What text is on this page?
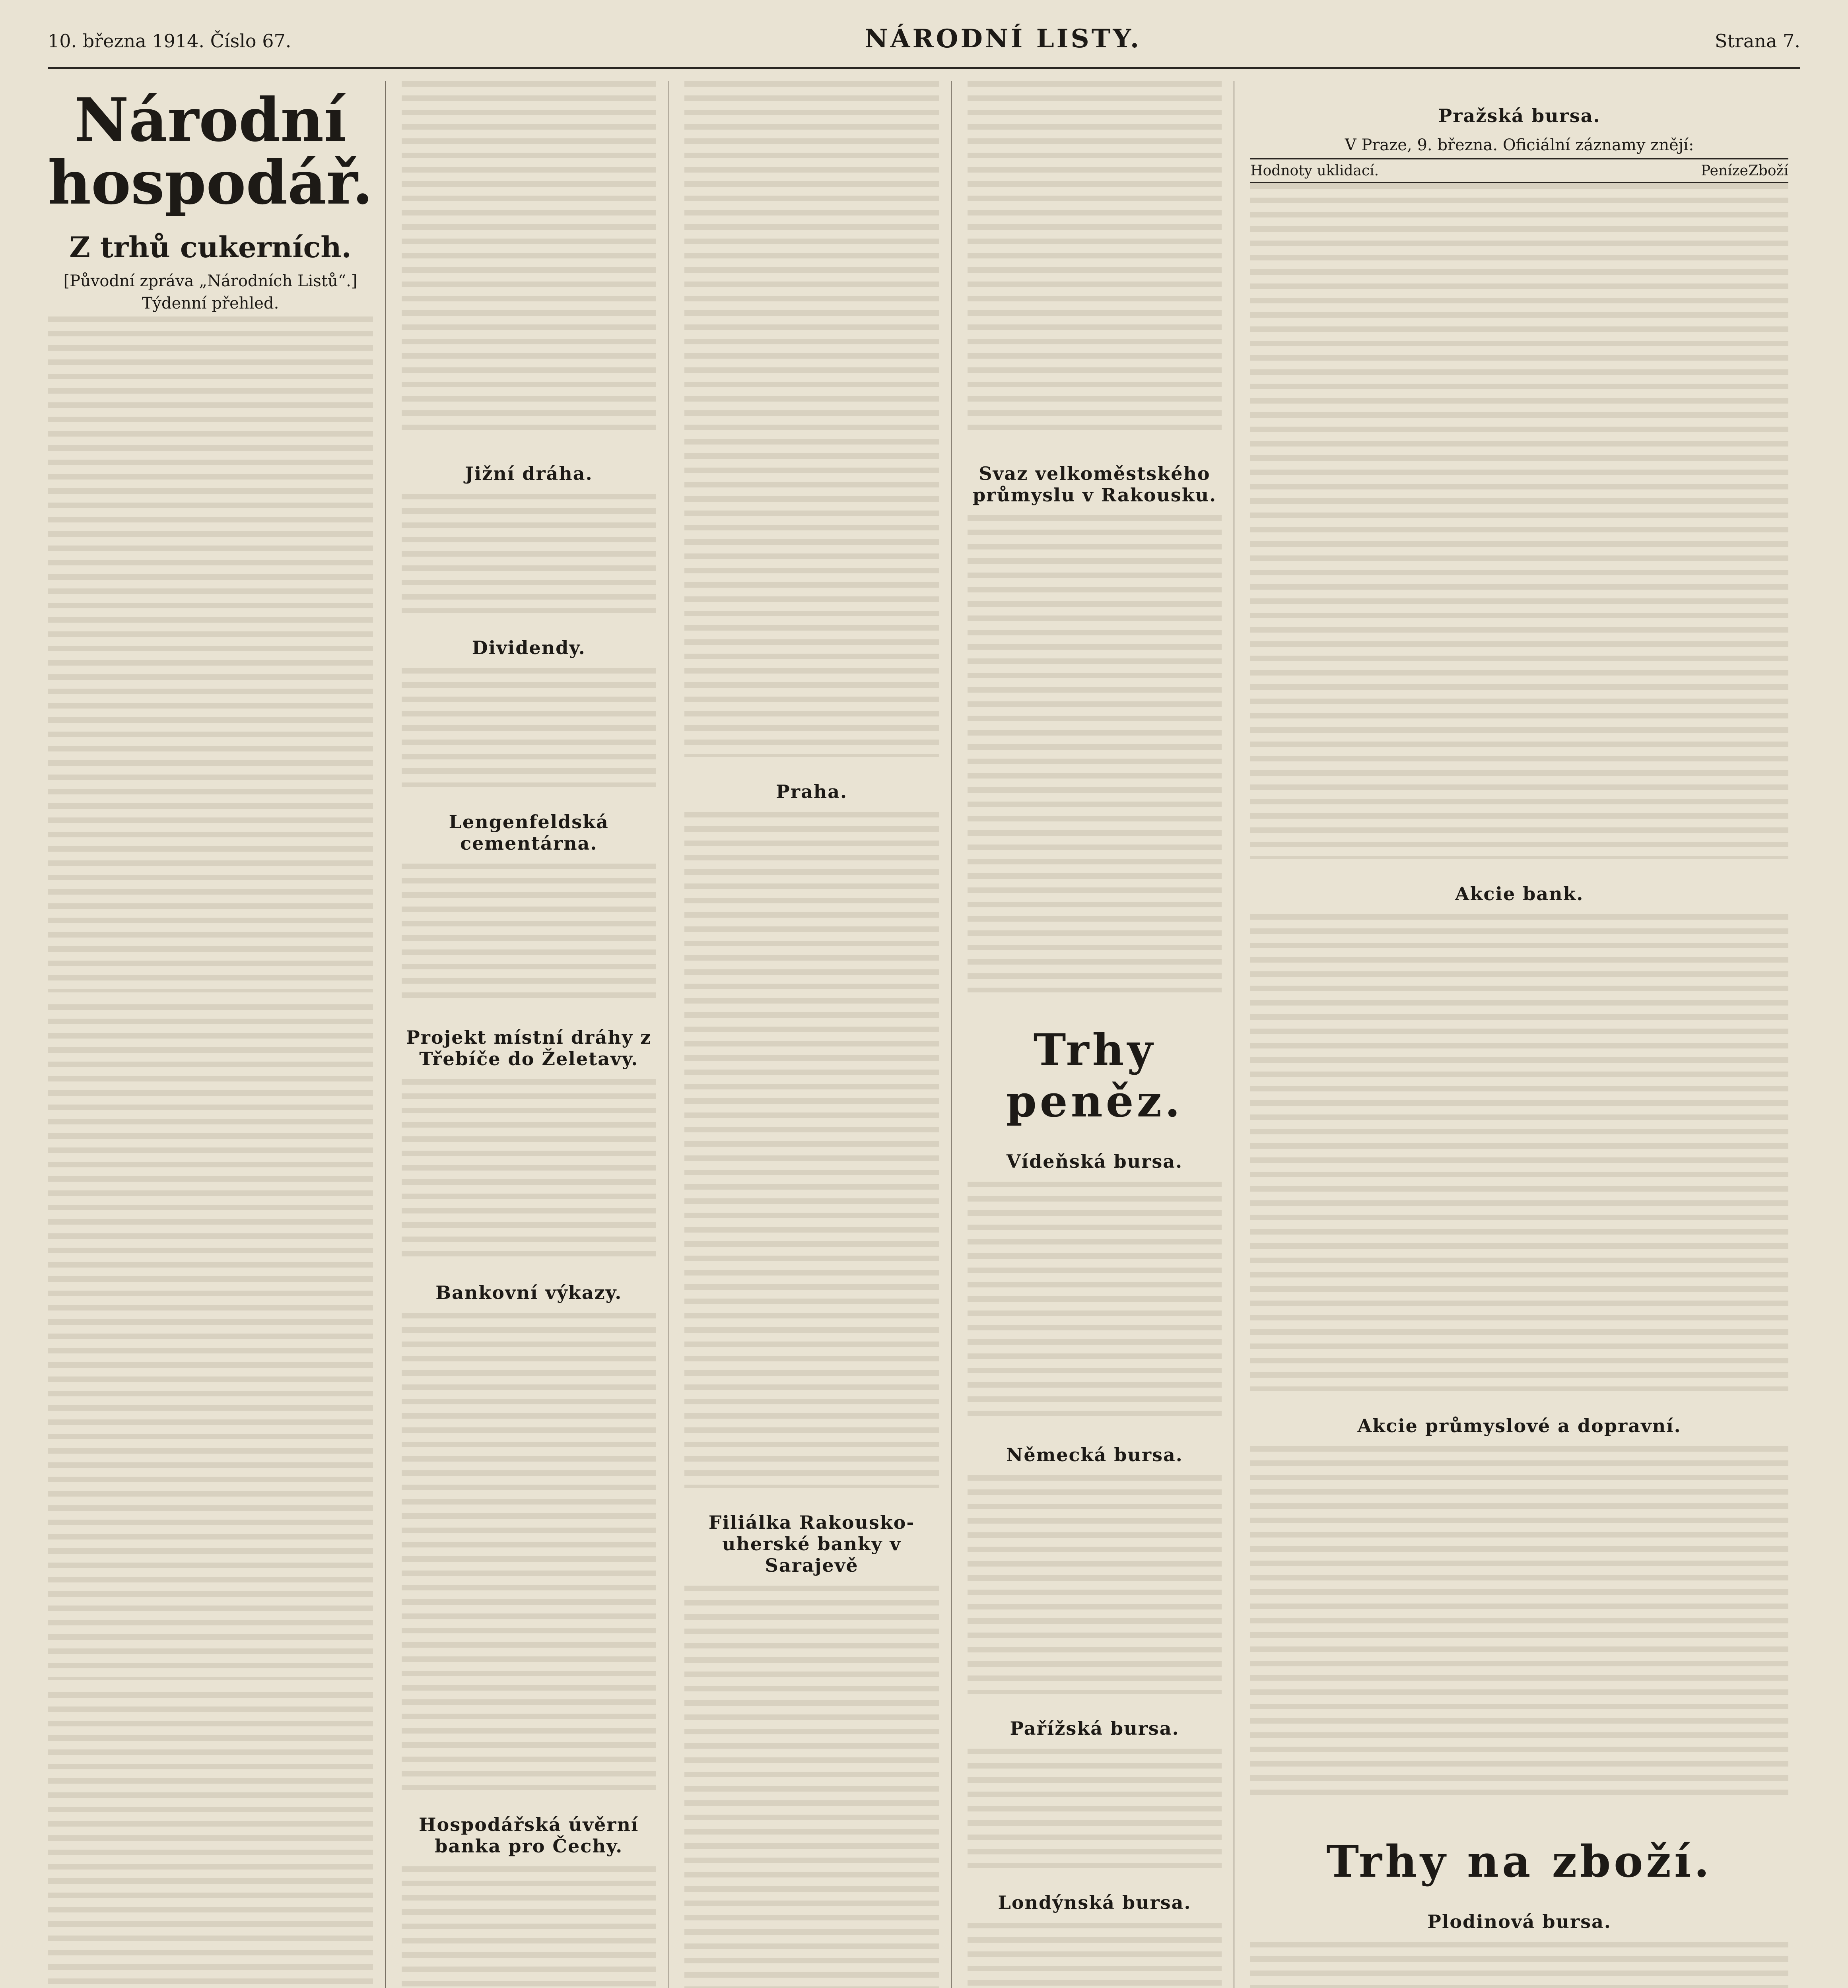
10. března 1914. Číslo 67.	NÁRODNÍ LISTY.	Strana 7.
Národní hospodář.
Z trhů cukerních.
[Původní zpráva „Národních Listů“.]
Týdenní přehled.
Jižní dráha.
Dividendy.
Lengenfeldská cementárna.
Projekt místní dráhy z Třebíče do Želetavy.
Bankovní výkazy.
Hospodářská úvěrní banka pro Čechy.
Praha.
Filiálka Rakousko-uherské banky v Sarajevě
Svaz velkoměstského průmyslu v Rakousku.
Trhy peněz.
Vídeňská bursa.
Německá bursa.
Pařížská bursa.
Londýnská bursa.
Pražská bursa.
V Praze, 9. března. Oficiální záznamy znějí:
Hodnoty uklidací.	Peníze Zboží
Akcie bank.
Akcie průmyslové a dopravní.
Trhy na zboží.
Plodinová bursa.
